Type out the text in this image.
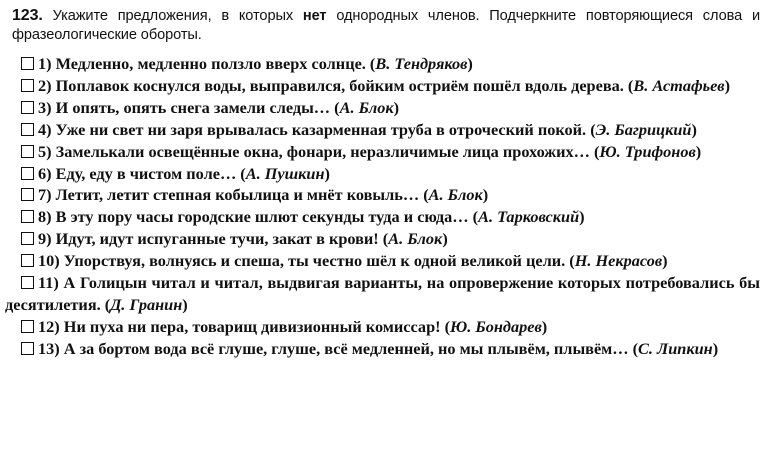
123. Укажите предложения, в которых нет однородных членов. Подчеркните повторяющиеся слова и фразеологические обороты.

1) Медленно, медленно ползло вверх солнце. (В. Тендряков)

2) Поплавок коснулся воды, выправился, бойким остриём пошёл вдоль дерева. (В. Астафьев)

3) И опять, опять снега замели следы… (А. Блок)

4) Уже ни свет ни заря врывалась казарменная труба в отроческий покой. (Э. Багрицкий)

5) Замелькали освещённые окна, фонари, неразличимые лица прохожих… (Ю. Трифонов)

6) Еду, еду в чистом поле… (А. Пушкин)

7) Летит, летит степная кобылица и мнёт ковыль… (А. Блок)

8) В эту пору часы городские шлют секунды туда и сюда… (А. Тарковский)

9) Идут, идут испуганные тучи, закат в крови! (А. Блок)

10) Упорствуя, волнуясь и спеша, ты честно шёл к одной великой цели. (Н. Некрасов)

11) А Голицын читал и читал, выдвигая варианты, на опровержение которых потребовались бы десятилетия. (Д. Гранин)

12) Ни пуха ни пера, товарищ дивизионный комиссар! (Ю. Бондарев)

13) А за бортом вода всё глуше, глуше, всё медленней, но мы плывём, плывём… (С. Липкин)
